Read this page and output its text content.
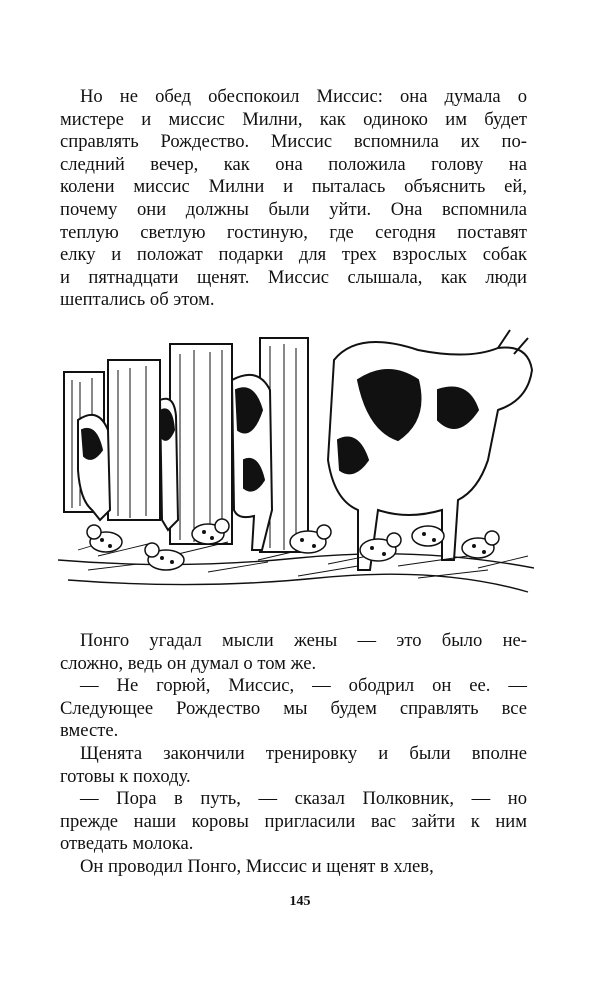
Но не обед обеспокоил Миссис: она думала о
мистере и миссис Милни, как одиноко им будет
справлять Рождество. Миссис вспомнила их по-
следний вечер, как она положила голову на
колени миссис Милни и пыталась объяснить ей,
почему они должны были уйти. Она вспомнила
теплую светлую гостиную, где сегодня поставят
елку и положат подарки для трех взрослых собак
и пятнадцати щенят. Миссис слышала, как люди
шептались об этом.
Понго угадал мысли жены — это было не-
сложно, ведь он думал о том же.
— Не горюй, Миссис, — ободрил он ее. —
Следующее Рождество мы будем справлять все
вместе.
Щенята закончили тренировку и были вполне
готовы к походу.
— Пора в путь, — сказал Полковник, — но
прежде наши коровы пригласили вас зайти к ним
отведать молока.
Он проводил Понго, Миссис и щенят в хлев,
145
